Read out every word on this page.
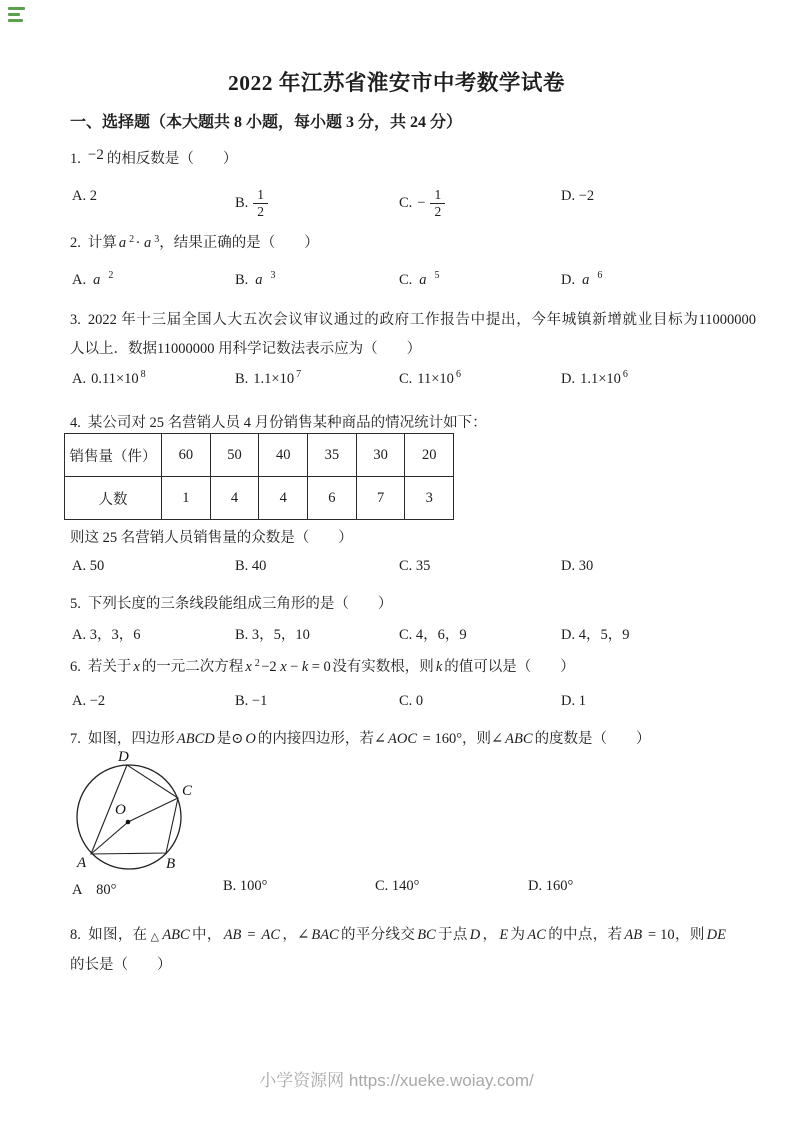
2022 年江苏省淮安市中考数学试卷
一、选择题（本大题共 8 小题，每小题 3 分，共 24 分）
1. −2 的相反数是（　　）
A. 2	B. $\frac{1}{2}$	C. − $\frac{1}{2}$	D. −2
2. 计算 a $^2$ · a $^3$，结果正确的是（　　）
A. a 2	B. a 3	C. a 5	D. a 6
3. 2022 年十三届全国人大五次会议审议通过的政府工作报告中提出，今年城镇新增就业目标为11000000
人以上．数据11000000 用科学记数法表示应为（　　）
A. 0.11×10 8	B. 1.1×10 7	C. 11×10 6	D. 1.1×10 6
4. 某公司对 25 名营销人员 4 月份销售某种商品的情况统计如下：
销售量（件）	60	50	40	35	30	20
人数	1	4	4	6	7	3
则这 25 名营销人员销售量的众数是（　　）
A. 50	B. 40	C. 35	D. 30
5. 下列长度的三条线段能组成三角形的是（　　）
A. 3，3，6	B. 3，5，10	C. 4，6，9	D. 4，5，9
6. 若关于 x 的一元二次方程 x $^2$ −2 x − k = 0 没有实数根，则 k 的值可以是（　　）
A. −2	B. −1	C. 0	D. 1
7. 如图，四边形 ABCD 是⊙ O 的内接四边形，若∠ AOC = 160°，则∠ ABC 的度数是（　　）
O
A	B
C
D
A　80°	B. 100°	C. 140°	D. 160°
8. 如图，在 △ ABC 中， AB = AC ，∠ BAC 的平分线交 BC 于点 D ， E 为 AC 的中点，若 AB = 10，则 DE
的长是（　　）
小学资源网 https://xueke.woiay.com/
